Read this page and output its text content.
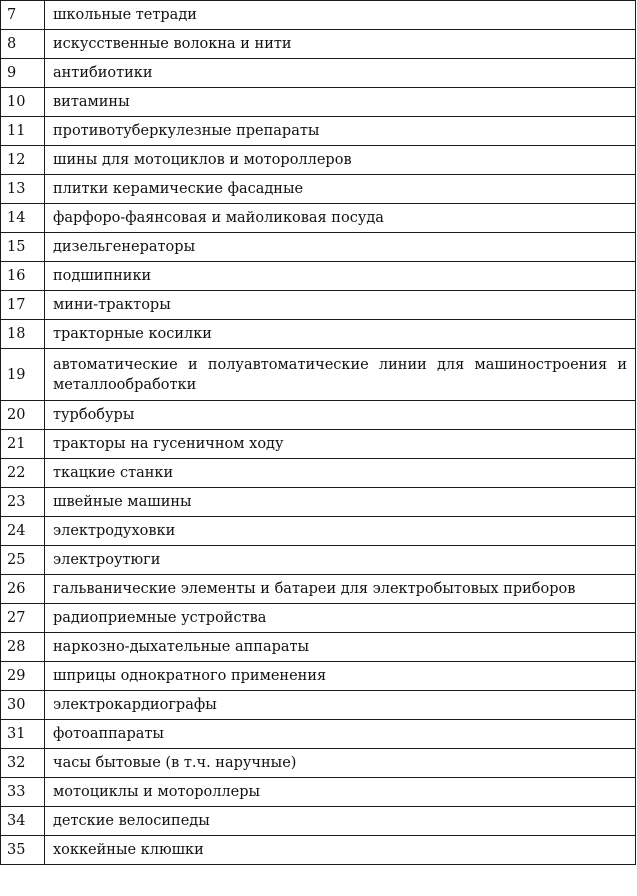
7	школьные тетради
8	искусственные волокна и нити
9	антибиотики
10	витамины
11	противотуберкулезные препараты
12	шины для мотоциклов и мотороллеров
13	плитки керамические фасадные
14	фарфоро-фаянсовая и майоликовая посуда
15	дизельгенераторы
16	подшипники
17	мини-тракторы
18	тракторные косилки
19	автоматические и полуавтоматические линии для машиностроения и металлообработки
20	турбобуры
21	тракторы на гусеничном ходу
22	ткацкие станки
23	швейные машины
24	электродуховки
25	электроутюги
26	гальванические элементы и батареи для электробытовых приборов
27	радиоприемные устройства
28	наркозно-дыхательные аппараты
29	шприцы однократного применения
30	электрокардиографы
31	фотоаппараты
32	часы бытовые (в т.ч. наручные)
33	мотоциклы и мотороллеры
34	детские велосипеды
35	хоккейные клюшки
